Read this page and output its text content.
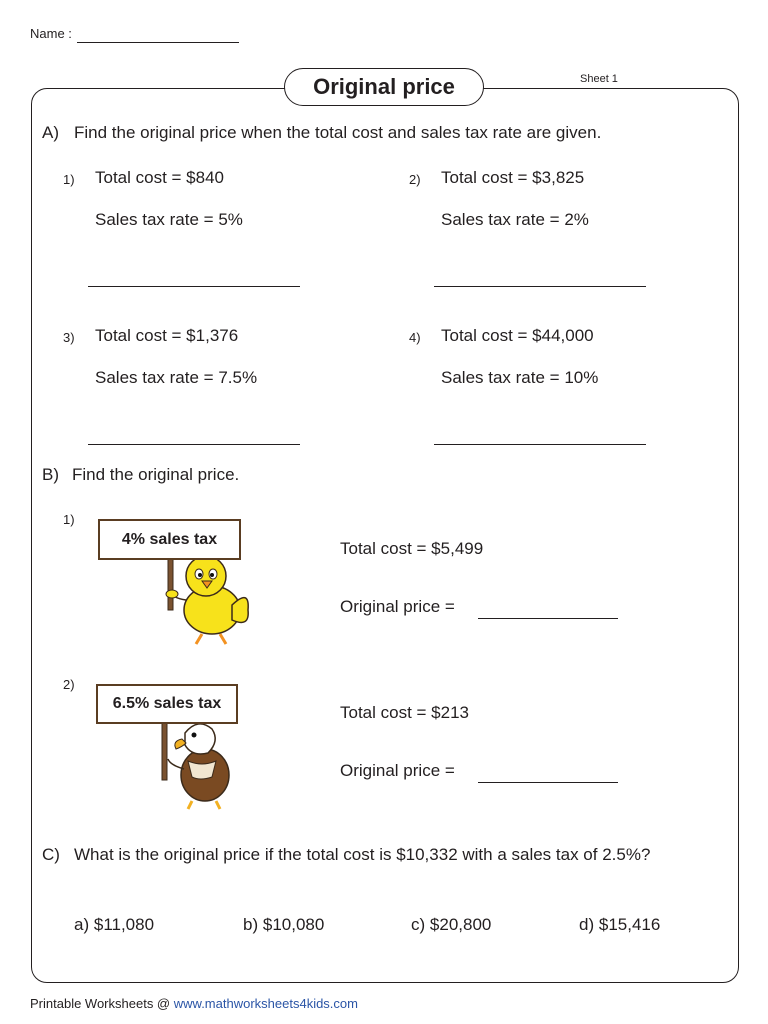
Name :
Original price	Sheet 1
A) Find the original price when the total cost and sales tax rate are given.
1) Total cost = $840
Sales tax rate = 5%
2) Total cost = $3,825
Sales tax rate = 2%
3) Total cost = $1,376
Sales tax rate = 7.5%
4) Total cost = $44,000
Sales tax rate = 10%
B) Find the original price.
1)
4% sales tax	Total cost = $5,499
Original price =
2)
6.5% sales tax	Total cost = $213
Original price =
C) What is the original price if the total cost is $10,332 with a sales tax of 2.5%?
a) $11,080	b) $10,080	c) $20,800	d) $15,416
Printable Worksheets @ www.mathworksheets4kids.com
